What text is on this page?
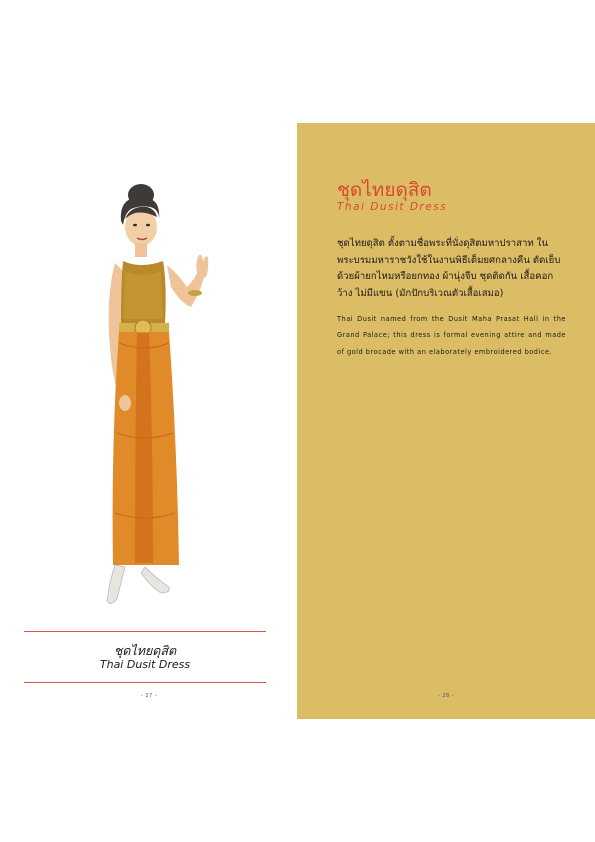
ชุดไทยดุสิต
Thai Dusit Dress
- 27 -
ชุดไทยดุสิต
Thai Dusit Dress
ชุดไทยดุสิต ตั้งตามชื่อพระที่นั่งดุสิตมหาปราสาท ในพระบรมมหาราชวังใช้ในงานพิธีเต็มยศกลางคืน ตัดเย็บด้วยผ้ายกไหมหรือยกทอง ผ้านุ่งจีบ ชุดติดกัน เสื้อคอกว้าง ไม่มีแขน (มักปักบริเวณตัวเสื้อเสมอ)
Thai Dusit named from the Dusit Maha Prasat Hall in the Grand Palace; this dress is formal evening attire and made of gold brocade with an elaborately embroidered bodice.
- 28 -
